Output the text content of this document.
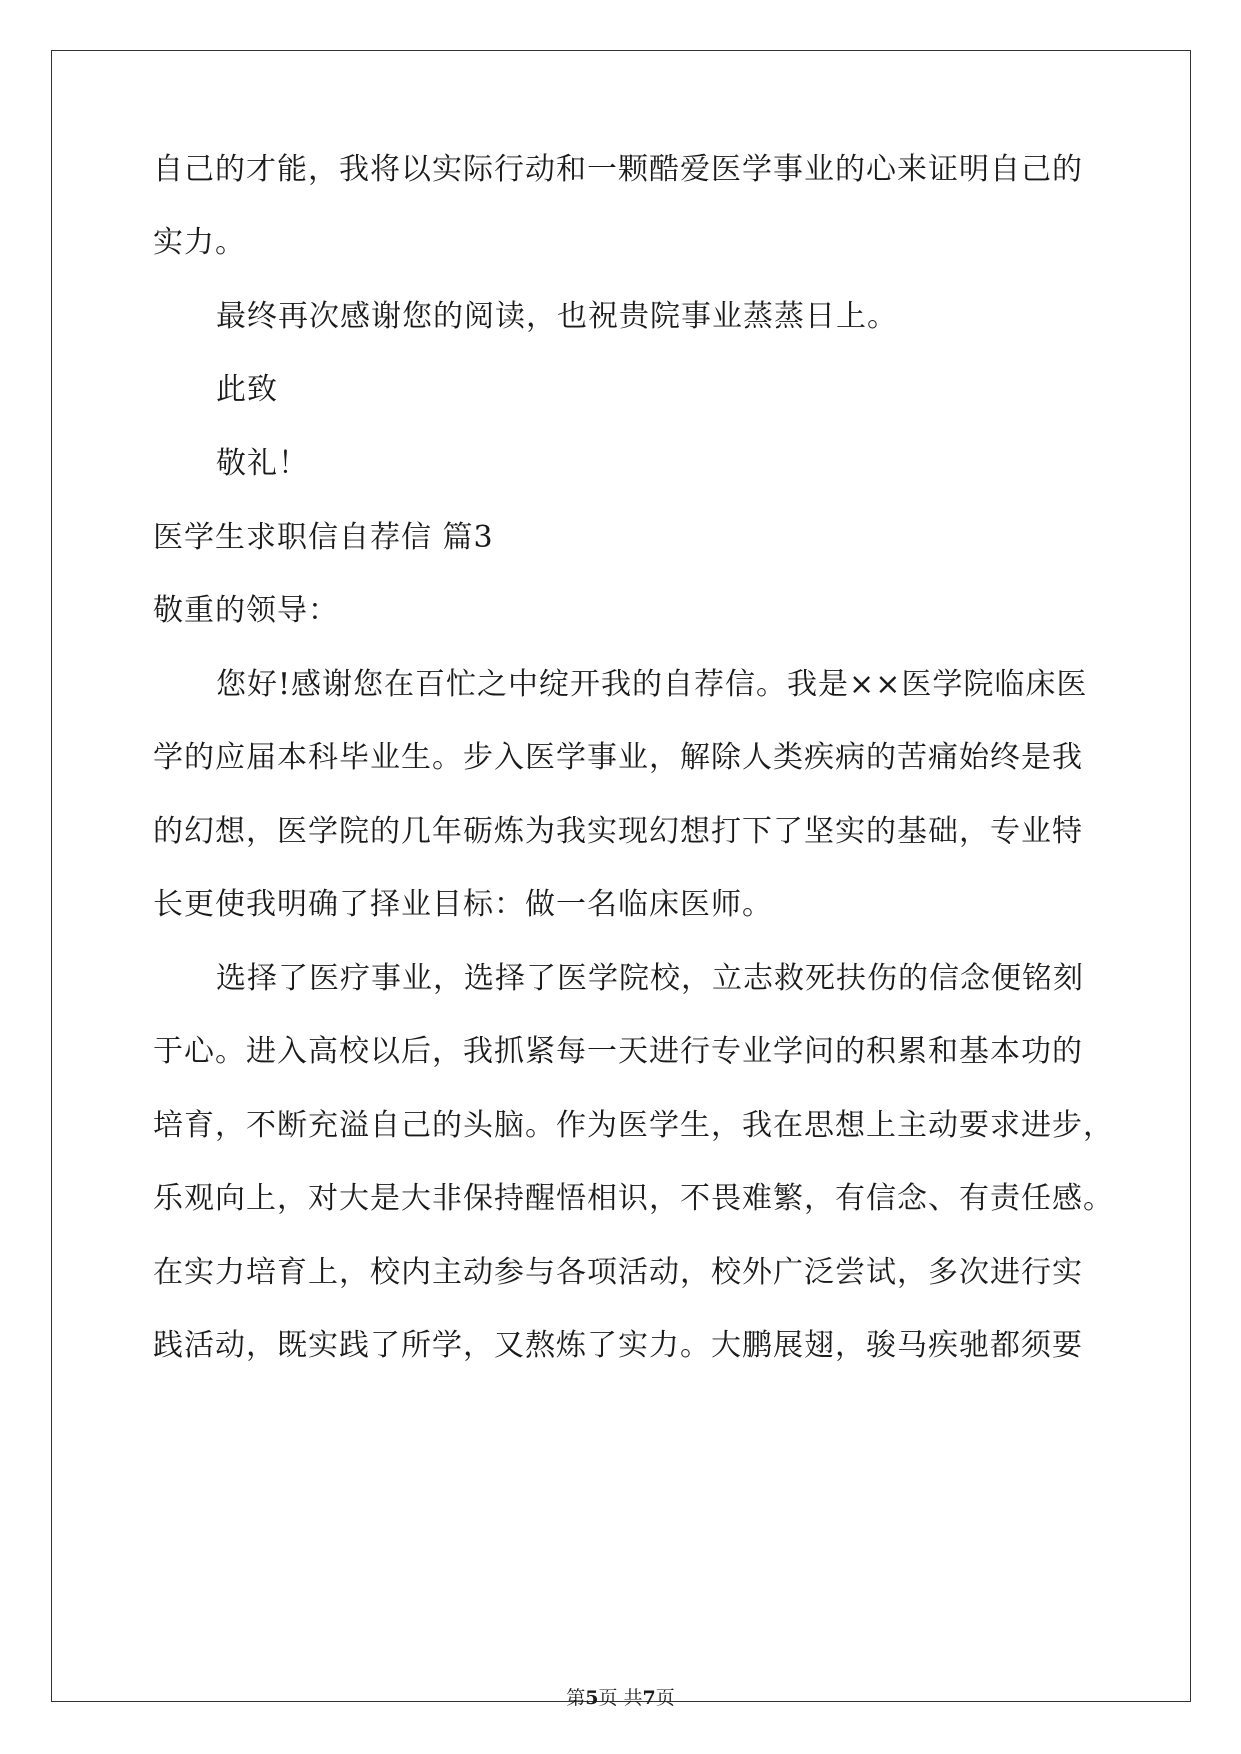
自己的才能，我将以实际行动和一颗酷爱医学事业的心来证明自己的
实力。
最终再次感谢您的阅读，也祝贵院事业蒸蒸日上。
此致
敬礼！
医学生求职信自荐信 篇3
敬重的领导：
您好!感谢您在百忙之中绽开我的自荐信。我是××医学院临床医
学的应届本科毕业生。步入医学事业，解除人类疾病的苦痛始终是我
的幻想，医学院的几年砺炼为我实现幻想打下了坚实的基础，专业特
长更使我明确了择业目标：做一名临床医师。
选择了医疗事业，选择了医学院校，立志救死扶伤的信念便铭刻
于心。进入高校以后，我抓紧每一天进行专业学问的积累和基本功的
培育，不断充溢自己的头脑。作为医学生，我在思想上主动要求进步，
乐观向上，对大是大非保持醒悟相识，不畏难繁，有信念、有责任感。
在实力培育上，校内主动参与各项活动，校外广泛尝试，多次进行实
践活动，既实践了所学，又熬炼了实力。大鹏展翅，骏马疾驰都须要
第5页 共7页
